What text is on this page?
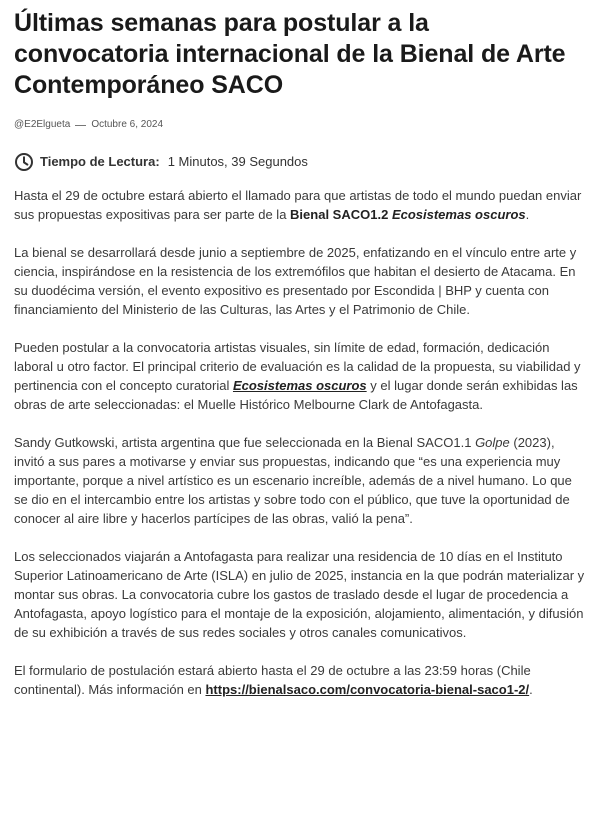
Últimas semanas para postular a la convocatoria internacional de la Bienal de Arte Contemporáneo SACO
@E2Elgueta Octubre 6, 2024
Tiempo de Lectura: 1 Minutos, 39 Segundos

Hasta el 29 de octubre estará abierto el llamado para que artistas de todo el mundo puedan enviar sus propuestas expositivas para ser parte de la Bienal SACO1.2 Ecosistemas oscuros.

La bienal se desarrollará desde junio a septiembre de 2025, enfatizando en el vínculo entre arte y ciencia, inspirándose en la resistencia de los extremófilos que habitan el desierto de Atacama. En su duodécima versión, el evento expositivo es presentado por Escondida | BHP y cuenta con financiamiento del Ministerio de las Culturas, las Artes y el Patrimonio de Chile.

Pueden postular a la convocatoria artistas visuales, sin límite de edad, formación, dedicación laboral u otro factor. El principal criterio de evaluación es la calidad de la propuesta, su viabilidad y pertinencia con el concepto curatorial Ecosistemas oscuros y el lugar donde serán exhibidas las obras de arte seleccionadas: el Muelle Histórico Melbourne Clark de Antofagasta.

Sandy Gutkowski, artista argentina que fue seleccionada en la Bienal SACO1.1 Golpe (2023), invitó a sus pares a motivarse y enviar sus propuestas, indicando que “es una experiencia muy importante, porque a nivel artístico es un escenario increíble, además de a nivel humano. Lo que se dio en el intercambio entre los artistas y sobre todo con el público, que tuve la oportunidad de conocer al aire libre y hacerlos partícipes de las obras, valió la pena”.

Los seleccionados viajarán a Antofagasta para realizar una residencia de 10 días en el Instituto Superior Latinoamericano de Arte (ISLA) en julio de 2025, instancia en la que podrán materializar y montar sus obras. La convocatoria cubre los gastos de traslado desde el lugar de procedencia a Antofagasta, apoyo logístico para el montaje de la exposición, alojamiento, alimentación, y difusión de su exhibición a través de sus redes sociales y otros canales comunicativos.

El formulario de postulación estará abierto hasta el 29 de octubre a las 23:59 horas (Chile continental). Más información en https://bienalsaco.com/convocatoria-bienal-saco1-2/.
